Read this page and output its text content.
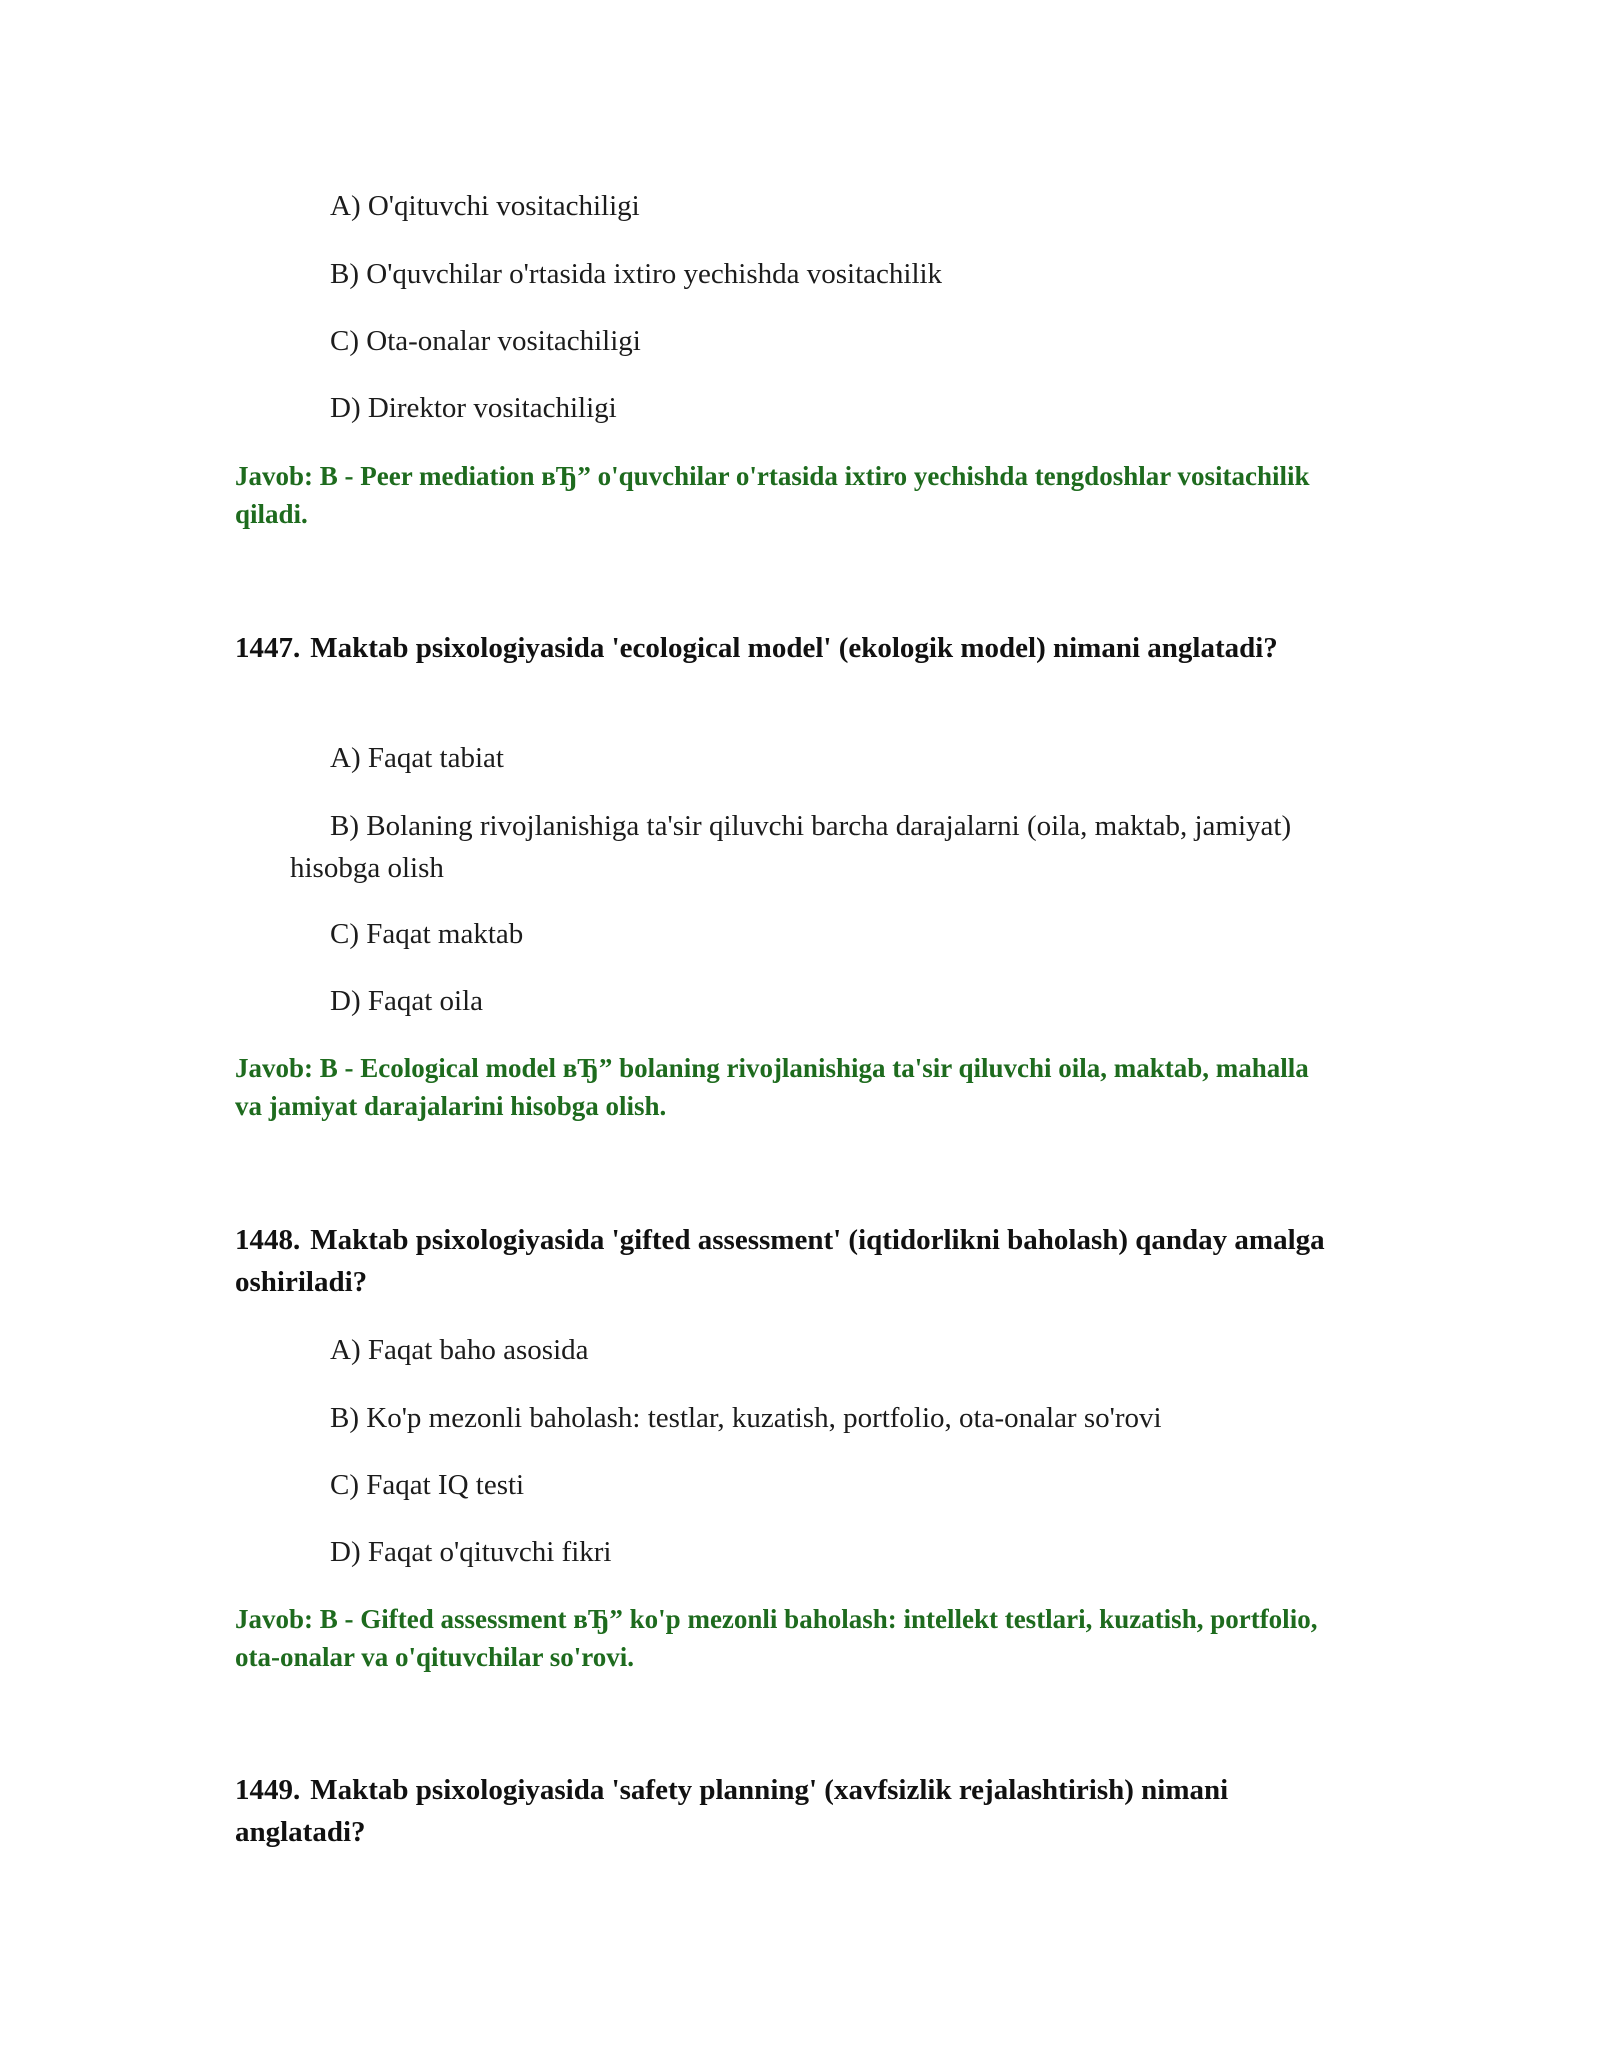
A) O'qituvchi vositachiligi
B) O'quvchilar o'rtasida ixtiro yechishda vositachilik
C) Ota-onalar vositachiligi
D) Direktor vositachiligi
Javob: B - Peer mediation вЂ” o'quvchilar o'rtasida ixtiro yechishda tengdoshlar vositachilik qiladi.
1447. Maktab psixologiyasida 'ecological model' (ekologik model) nimani anglatadi?
A) Faqat tabiat
B) Bolaning rivojlanishiga ta'sir qiluvchi barcha darajalarni (oila, maktab, jamiyat) hisobga olish
C) Faqat maktab
D) Faqat oila
Javob: B - Ecological model вЂ” bolaning rivojlanishiga ta'sir qiluvchi oila, maktab, mahalla va jamiyat darajalarini hisobga olish.
1448. Maktab psixologiyasida 'gifted assessment' (iqtidorlikni baholash) qanday amalga oshiriladi?
A) Faqat baho asosida
B) Ko'p mezonli baholash: testlar, kuzatish, portfolio, ota-onalar so'rovi
C) Faqat IQ testi
D) Faqat o'qituvchi fikri
Javob: B - Gifted assessment вЂ” ko'p mezonli baholash: intellekt testlari, kuzatish, portfolio, ota-onalar va o'qituvchilar so'rovi.
1449. Maktab psixologiyasida 'safety planning' (xavfsizlik rejalashtirish) nimani anglatadi?
